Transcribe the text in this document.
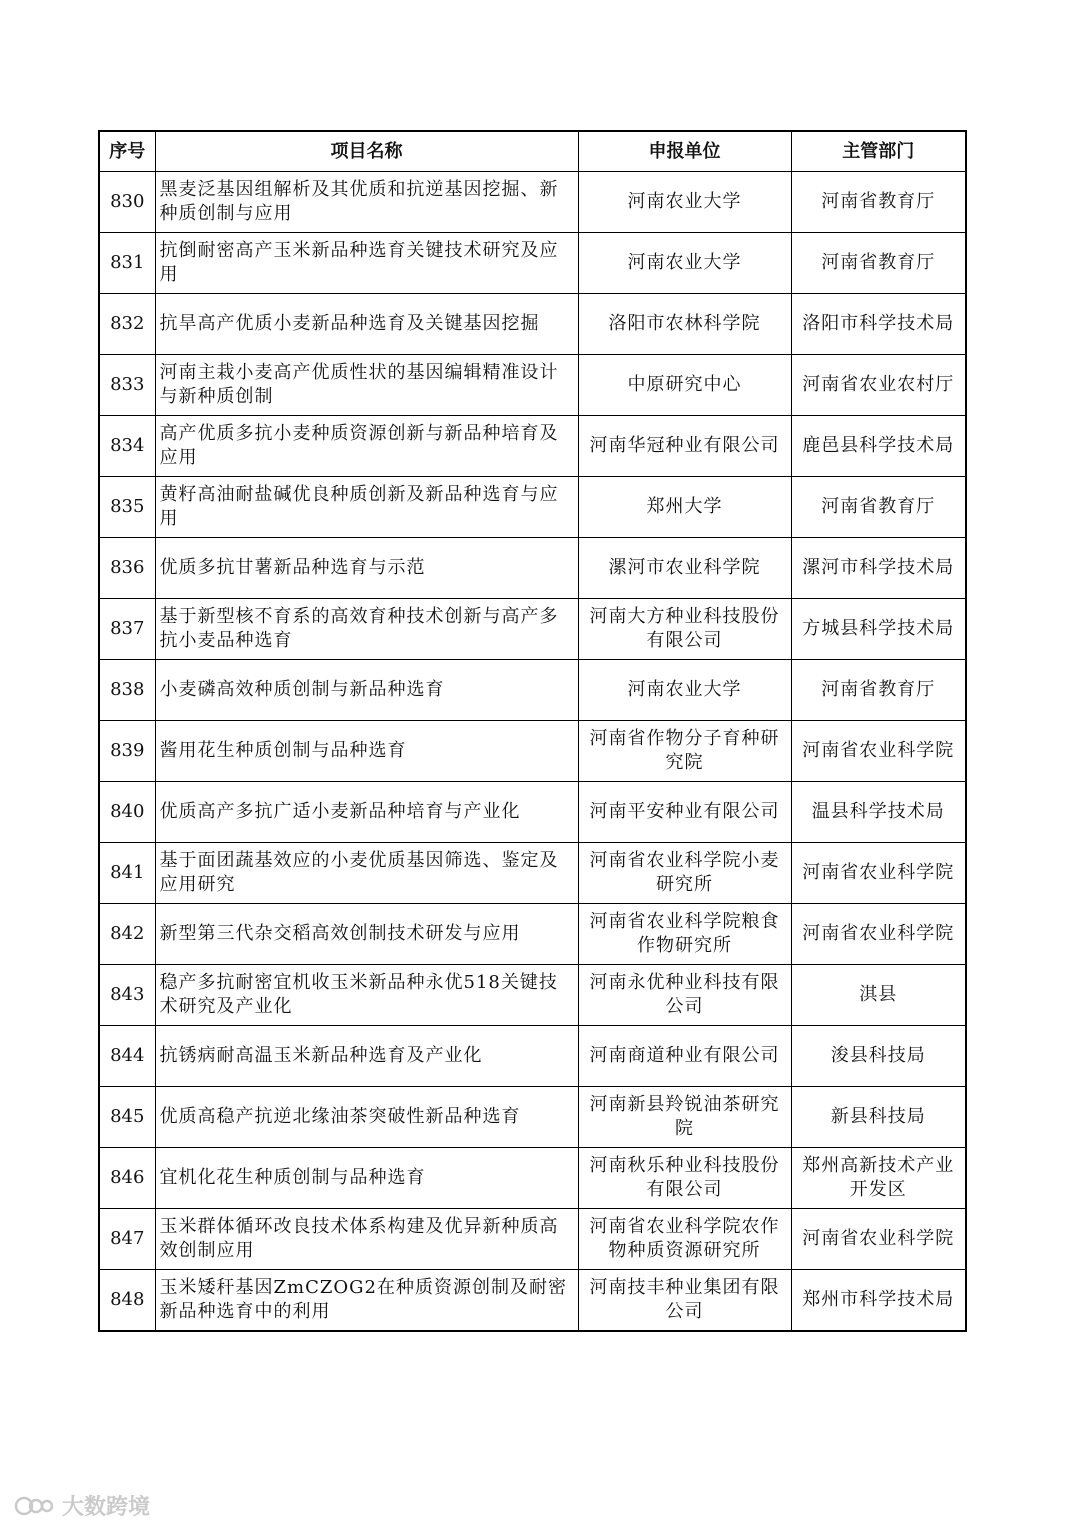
序号	项目名称	申报单位	主管部门
830	黑麦泛基因组解析及其优质和抗逆基因挖掘、新种质创制与应用	河南农业大学	河南省教育厅
831	抗倒耐密高产玉米新品种选育关键技术研究及应用	河南农业大学	河南省教育厅
832	抗旱高产优质小麦新品种选育及关键基因挖掘	洛阳市农林科学院	洛阳市科学技术局
833	河南主栽小麦高产优质性状的基因编辑精准设计与新种质创制	中原研究中心	河南省农业农村厅
834	高产优质多抗小麦种质资源创新与新品种培育及应用	河南华冠种业有限公司	鹿邑县科学技术局
835	黄籽高油耐盐碱优良种质创新及新品种选育与应用	郑州大学	河南省教育厅
836	优质多抗甘薯新品种选育与示范	漯河市农业科学院	漯河市科学技术局
837	基于新型核不育系的高效育种技术创新与高产多抗小麦品种选育	河南大方种业科技股份有限公司	方城县科学技术局
838	小麦磷高效种质创制与新品种选育	河南农业大学	河南省教育厅
839	酱用花生种质创制与品种选育	河南省作物分子育种研究院	河南省农业科学院
840	优质高产多抗广适小麦新品种培育与产业化	河南平安种业有限公司	温县科学技术局
841	基于面团蔬基效应的小麦优质基因筛选、鉴定及应用研究	河南省农业科学院小麦研究所	河南省农业科学院
842	新型第三代杂交稻高效创制技术研发与应用	河南省农业科学院粮食作物研究所	河南省农业科学院
843	稳产多抗耐密宜机收玉米新品种永优518关键技术研究及产业化	河南永优种业科技有限公司	淇县
844	抗锈病耐高温玉米新品种选育及产业化	河南商道种业有限公司	浚县科技局
845	优质高稳产抗逆北缘油茶突破性新品种选育	河南新县羚锐油茶研究院	新县科技局
846	宜机化花生种质创制与品种选育	河南秋乐种业科技股份有限公司	郑州高新技术产业开发区
847	玉米群体循环改良技术体系构建及优异新种质高效创制应用	河南省农业科学院农作物种质资源研究所	河南省农业科学院
848	玉米矮秆基因ZmCZOG2在种质资源创制及耐密新品种选育中的利用	河南技丰种业集团有限公司	郑州市科学技术局
大数跨境
